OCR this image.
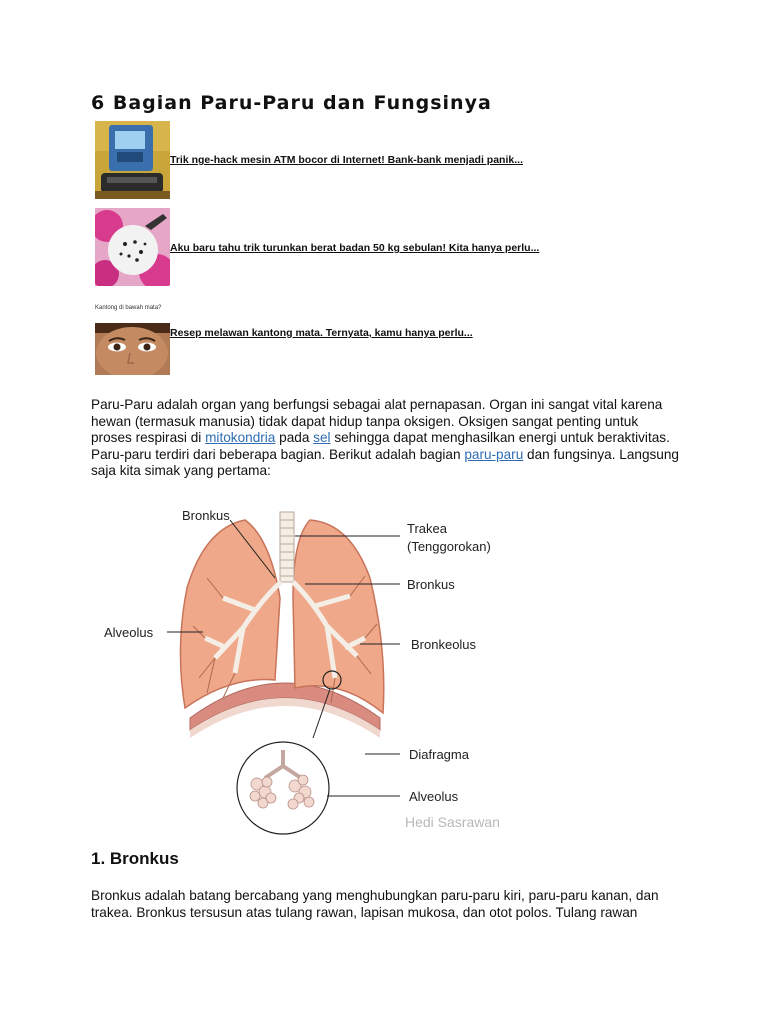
6 Bagian Paru-Paru dan Fungsinya
Trik nge-hack mesin ATM bocor di Internet! Bank-bank menjadi panik...
Aku baru tahu trik turunkan berat badan 50 kg sebulan! Kita hanya perlu...
Kantong di bawah mata?
Resep melawan kantong mata. Ternyata, kamu hanya perlu...

Paru-Paru adalah organ yang berfungsi sebagai alat pernapasan. Organ ini sangat vital karena hewan (termasuk manusia) tidak dapat hidup tanpa oksigen. Oksigen sangat penting untuk proses respirasi di mitokondria pada sel sehingga dapat menghasilkan energi untuk beraktivitas. Paru-paru terdiri dari beberapa bagian. Berikut adalah bagian paru-paru dan fungsinya. Langsung saja kita simak yang pertama:

Bronkus
Trakea
(Tenggorokan)
Bronkus
Alveolus
Bronkeolus
Diafragma
Alveolus
Hedi Sasrawan
1. Bronkus

Bronkus adalah batang bercabang yang menghubungkan paru-paru kiri, paru-paru kanan, dan trakea. Bronkus tersusun atas tulang rawan, lapisan mukosa, dan otot polos. Tulang rawan
